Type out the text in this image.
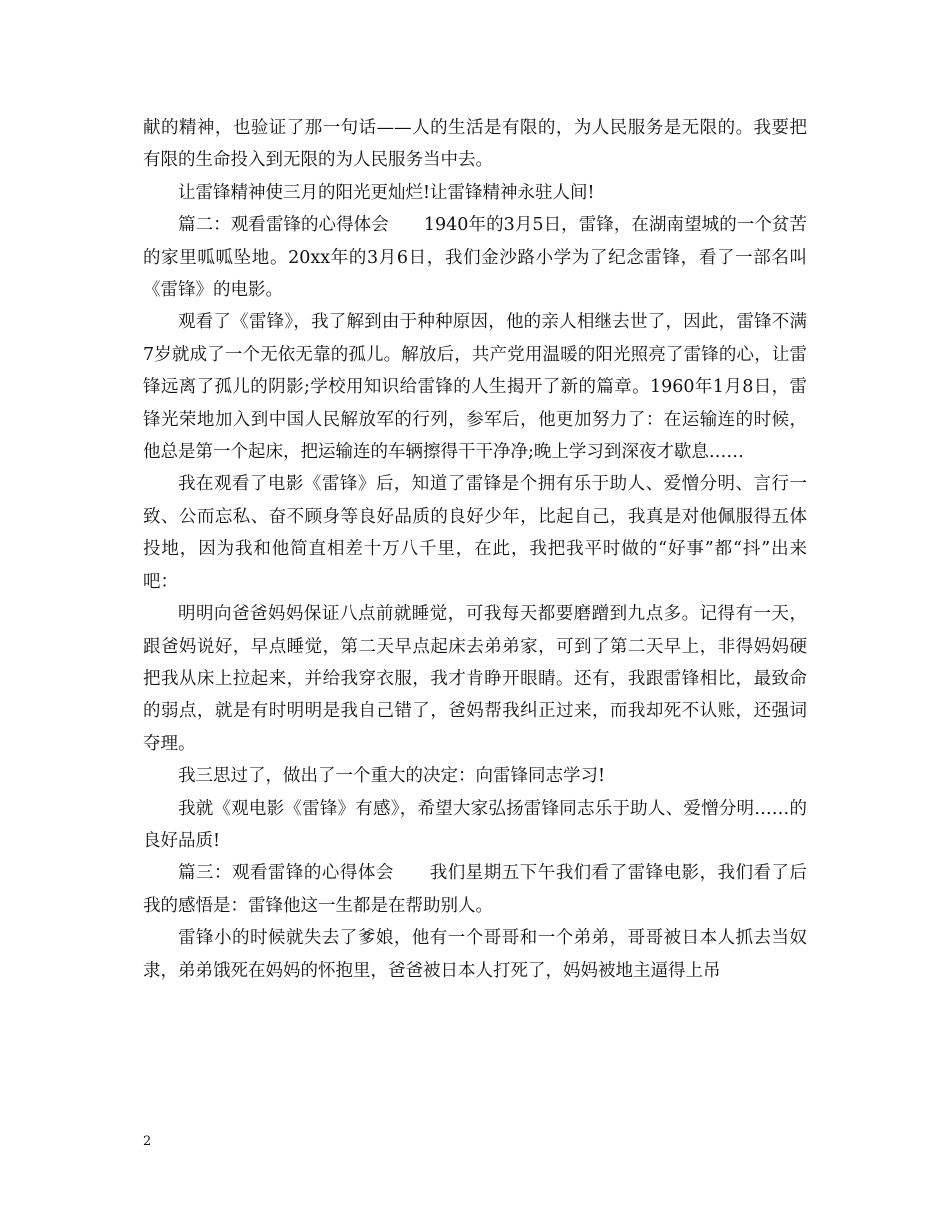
献的精神，也验证了那一句话——人的生活是有限的，为人民服务是无限的。我要把有限的生命投入到无限的为人民服务当中去。

让雷锋精神使三月的阳光更灿烂!让雷锋精神永驻人间!

篇二：观看雷锋的心得体会　　1940年的3月5日，雷锋，在湖南望城的一个贫苦的家里呱呱坠地。20xx年的3月6日，我们金沙路小学为了纪念雷锋，看了一部名叫《雷锋》的电影。

观看了《雷锋》，我了解到由于种种原因，他的亲人相继去世了，因此，雷锋不满7岁就成了一个无依无靠的孤儿。解放后，共产党用温暖的阳光照亮了雷锋的心，让雷锋远离了孤儿的阴影;学校用知识给雷锋的人生揭开了新的篇章。1960年1月8日，雷锋光荣地加入到中国人民解放军的行列，参军后，他更加努力了：在运输连的时候，他总是第一个起床，把运输连的车辆擦得干干净净;晚上学习到深夜才歇息……

我在观看了电影《雷锋》后，知道了雷锋是个拥有乐于助人、爱憎分明、言行一致、公而忘私、奋不顾身等良好品质的良好少年，比起自己，我真是对他佩服得五体投地，因为我和他简直相差十万八千里，在此，我把我平时做的“好事”都“抖”出来吧：

明明向爸爸妈妈保证八点前就睡觉，可我每天都要磨蹭到九点多。记得有一天，跟爸妈说好，早点睡觉，第二天早点起床去弟弟家，可到了第二天早上，非得妈妈硬把我从床上拉起来，并给我穿衣服，我才肯睁开眼睛。还有，我跟雷锋相比，最致命的弱点，就是有时明明是我自己错了，爸妈帮我纠正过来，而我却死不认账，还强词夺理。

我三思过了，做出了一个重大的决定：向雷锋同志学习!

我就《观电影《雷锋》有感》，希望大家弘扬雷锋同志乐于助人、爱憎分明……的良好品质!

篇三：观看雷锋的心得体会　　我们星期五下午我们看了雷锋电影，我们看了后我的感悟是：雷锋他这一生都是在帮助别人。

雷锋小的时候就失去了爹娘，他有一个哥哥和一个弟弟，哥哥被日本人抓去当奴隶，弟弟饿死在妈妈的怀抱里，爸爸被日本人打死了，妈妈被地主逼得上吊

2
